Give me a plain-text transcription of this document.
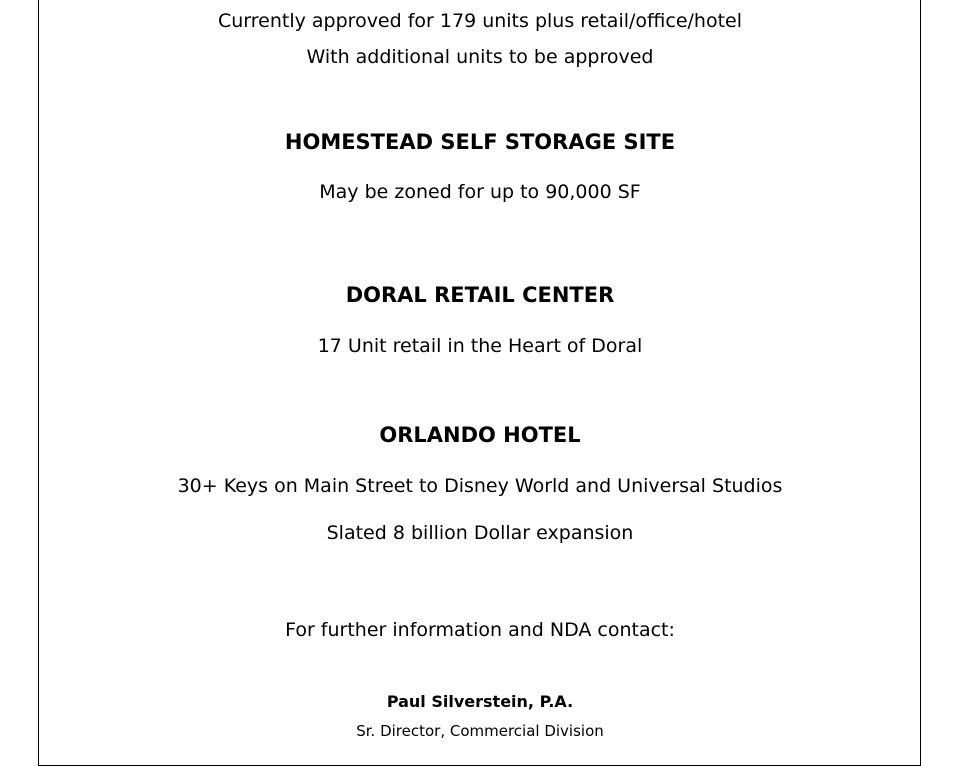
Currently approved for 179 units plus retail/office/hotel
With additional units to be approved
HOMESTEAD SELF STORAGE SITE
May be zoned for up to 90,000 SF
DORAL RETAIL CENTER
17 Unit retail in the Heart of Doral
ORLANDO HOTEL
30+ Keys on Main Street to Disney World and Universal Studios
Slated 8 billion Dollar expansion
For further information and NDA contact:
Paul Silverstein, P.A.
Sr. Director, Commercial Division
